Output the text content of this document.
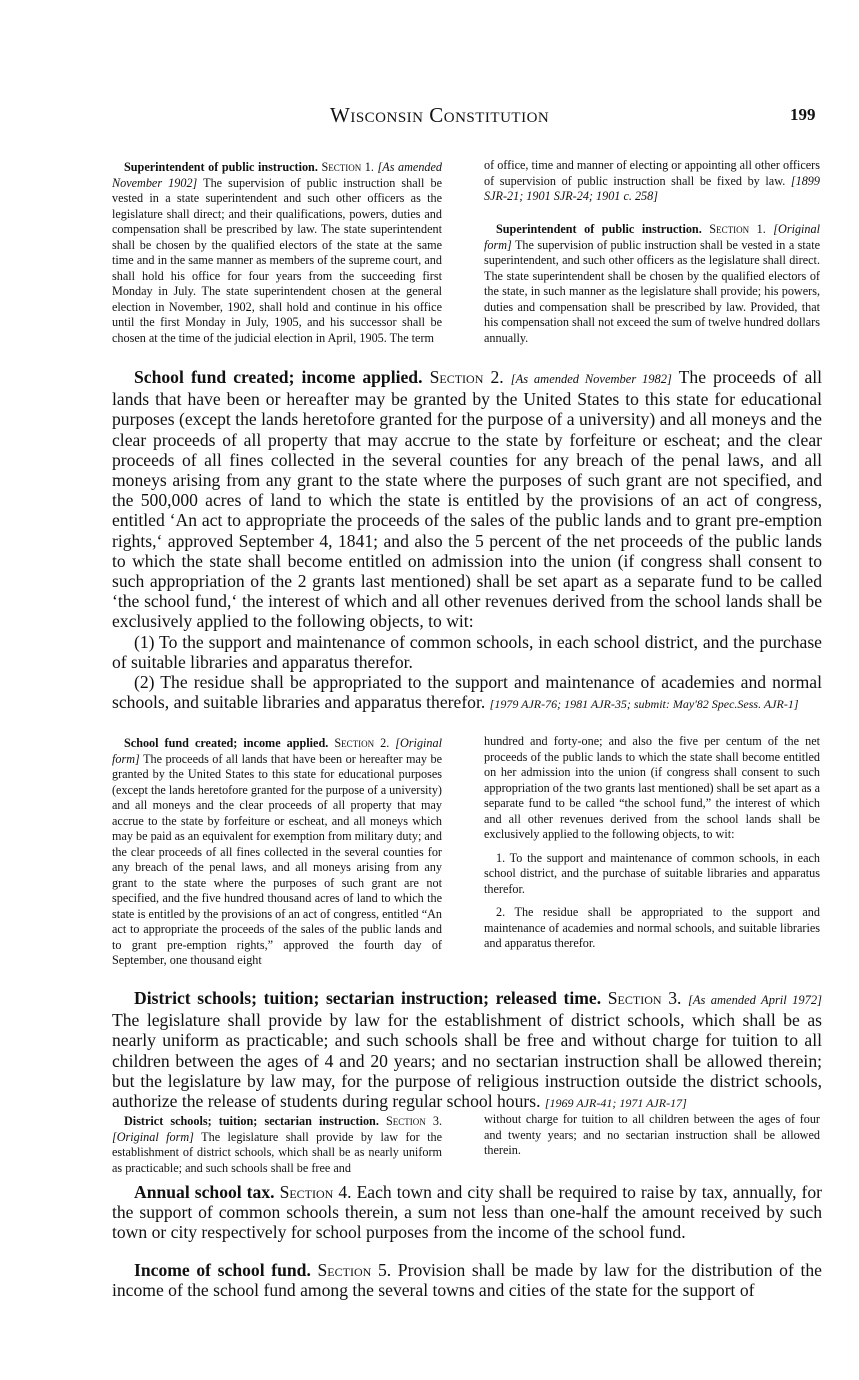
Wisconsin Constitution	199

Superintendent of public instruction. Section 1. [As amended November 1902] The supervision of public instruction shall be vested in a state superintendent and such other officers as the legislature shall direct; and their qualifications, powers, duties and compensation shall be prescribed by law. The state superintendent shall be chosen by the qualified electors of the state at the same time and in the same manner as members of the supreme court, and shall hold his office for four years from the succeeding first Monday in July. The state superintendent chosen at the general election in November, 1902, shall hold and continue in his office until the first Monday in July, 1905, and his successor shall be chosen at the time of the judicial election in April, 1905. The term

of office, time and manner of electing or appointing all other officers of supervision of public instruction shall be fixed by law. [1899 SJR-21; 1901 SJR-24; 1901 c. 258]

Superintendent of public instruction. Section 1. [Original form] The supervision of public instruction shall be vested in a state superintendent, and such other officers as the legislature shall direct. The state superintendent shall be chosen by the qualified electors of the state, in such manner as the legislature shall provide; his powers, duties and compensation shall be prescribed by law. Provided, that his compensation shall not exceed the sum of twelve hundred dollars annually.

School fund created; income applied. Section 2. [As amended November 1982] The proceeds of all lands that have been or hereafter may be granted by the United States to this state for educational purposes (except the lands heretofore granted for the purpose of a university) and all moneys and the clear proceeds of all property that may accrue to the state by forfeiture or escheat; and the clear proceeds of all fines collected in the several counties for any breach of the penal laws, and all moneys arising from any grant to the state where the purposes of such grant are not specified, and the 500,000 acres of land to which the state is entitled by the provisions of an act of congress, entitled ‘An act to appropriate the proceeds of the sales of the public lands and to grant pre-emption rights,‘ approved September 4, 1841; and also the 5 percent of the net proceeds of the public lands to which the state shall become entitled on admission into the union (if congress shall consent to such appropriation of the 2 grants last mentioned) shall be set apart as a separate fund to be called ‘the school fund,‘ the interest of which and all other revenues derived from the school lands shall be exclusively applied to the following objects, to wit:

(1) To the support and maintenance of common schools, in each school district, and the purchase of suitable libraries and apparatus therefor.

(2) The residue shall be appropriated to the support and maintenance of academies and normal schools, and suitable libraries and apparatus therefor. [1979 AJR-76; 1981 AJR-35; submit: May'82 Spec.Sess. AJR-1]

School fund created; income applied. Section 2. [Original form] The proceeds of all lands that have been or hereafter may be granted by the United States to this state for educational purposes (except the lands heretofore granted for the purpose of a university) and all moneys and the clear proceeds of all property that may accrue to the state by forfeiture or escheat, and all moneys which may be paid as an equivalent for exemption from military duty; and the clear proceeds of all fines collected in the several counties for any breach of the penal laws, and all moneys arising from any grant to the state where the purposes of such grant are not specified, and the five hundred thousand acres of land to which the state is entitled by the provisions of an act of congress, entitled “An act to appropriate the proceeds of the sales of the public lands and to grant pre-emption rights,” approved the fourth day of September, one thousand eight

hundred and forty-one; and also the five per centum of the net proceeds of the public lands to which the state shall become entitled on her admission into the union (if congress shall consent to such appropriation of the two grants last mentioned) shall be set apart as a separate fund to be called “the school fund,” the interest of which and all other revenues derived from the school lands shall be exclusively applied to the following objects, to wit:

1. To the support and maintenance of common schools, in each school district, and the purchase of suitable libraries and apparatus therefor.

2. The residue shall be appropriated to the support and maintenance of academies and normal schools, and suitable libraries and apparatus therefor.

District schools; tuition; sectarian instruction; released time. Section 3. [As amended April 1972] The legislature shall provide by law for the establishment of district schools, which shall be as nearly uniform as practicable; and such schools shall be free and without charge for tuition to all children between the ages of 4 and 20 years; and no sectarian instruction shall be allowed therein; but the legislature by law may, for the purpose of religious instruction outside the district schools, authorize the release of students during regular school hours. [1969 AJR-41; 1971 AJR-17]

District schools; tuition; sectarian instruction. Section 3. [Original form] The legislature shall provide by law for the establishment of district schools, which shall be as nearly uniform as practicable; and such schools shall be free and

without charge for tuition to all children between the ages of four and twenty years; and no sectarian instruction shall be allowed therein.

Annual school tax. Section 4. Each town and city shall be required to raise by tax, annually, for the support of common schools therein, a sum not less than one-half the amount received by such town or city respectively for school purposes from the income of the school fund.

Income of school fund. Section 5. Provision shall be made by law for the distribution of the income of the school fund among the several towns and cities of the state for the support of
